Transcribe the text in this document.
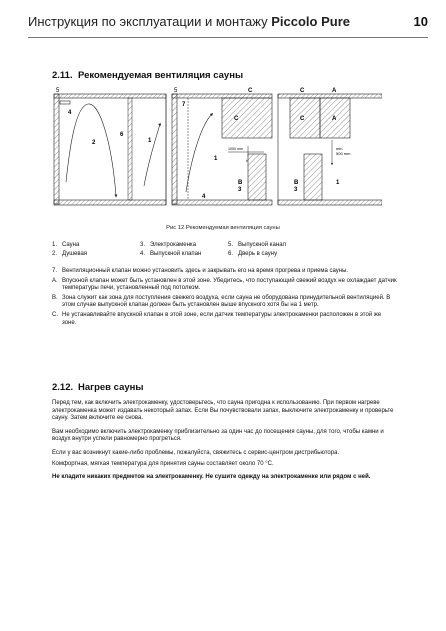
Инструкция по эксплуатации и монтажу Piccolo Pure	10
2.11. Рекомендуемая вентиляция сауны
5
4
6
2	1
5
7
1
4
B
3
C
C
1000 mm
h
C
C
A
A
min
500 mm
B
3
1
Рис 12 Рекомендуемая вентиляция сауны
1. Сауна	3. Электрокаменка	5. Выпускной канал
2. Душевая	4. Выпускной клапан	6. Дверь в сауну
7. Вентиляционный клапан можно установить здесь и закрывать его на время прогрева и приема сауны.
A. Впускной клапан может быть установлен в этой зоне. Убедитесь, что поступающий свежий воздух не охлаждает датчик температуры печи, установленный под потолком.
B. Зона служит как зона для поступления свежего воздуха, если сауна не оборудована принудительной вентиляцией. В этом случае выпускной клапан должен быть установлен выше впускного хотя бы на 1 метр.
C. Не устанавливайте впускной клапан в этой зоне, если датчик температуры электрокаменки расположен в этой же зоне.
2.12. Нагрев сауны

Перед тем, как включить электрокаменку, удостоверьтесь, что сауна пригодна к использованию. При первом нагреве электрокаменка может издавать некоторый запах. Если Вы почувствовали запах, выключите электрокаменку и проверьте сауну. Затем включите ее снова.

Вам необходимо включить электрокаменку приблизительно за один час до посещения сауны, для того, чтобы камни и воздух внутри успели равномерно прогреться.

Если у вас возникнут какие-либо проблемы, пожалуйста, свяжитесь с сервис-центром дистрибьютора.

Комфортная, мягкая температура для принятия сауны составляет около 70 °С.

Не кладите никаких предметов на электрокаменку. Не сушите одежду на электрокаменке или рядом с ней.
